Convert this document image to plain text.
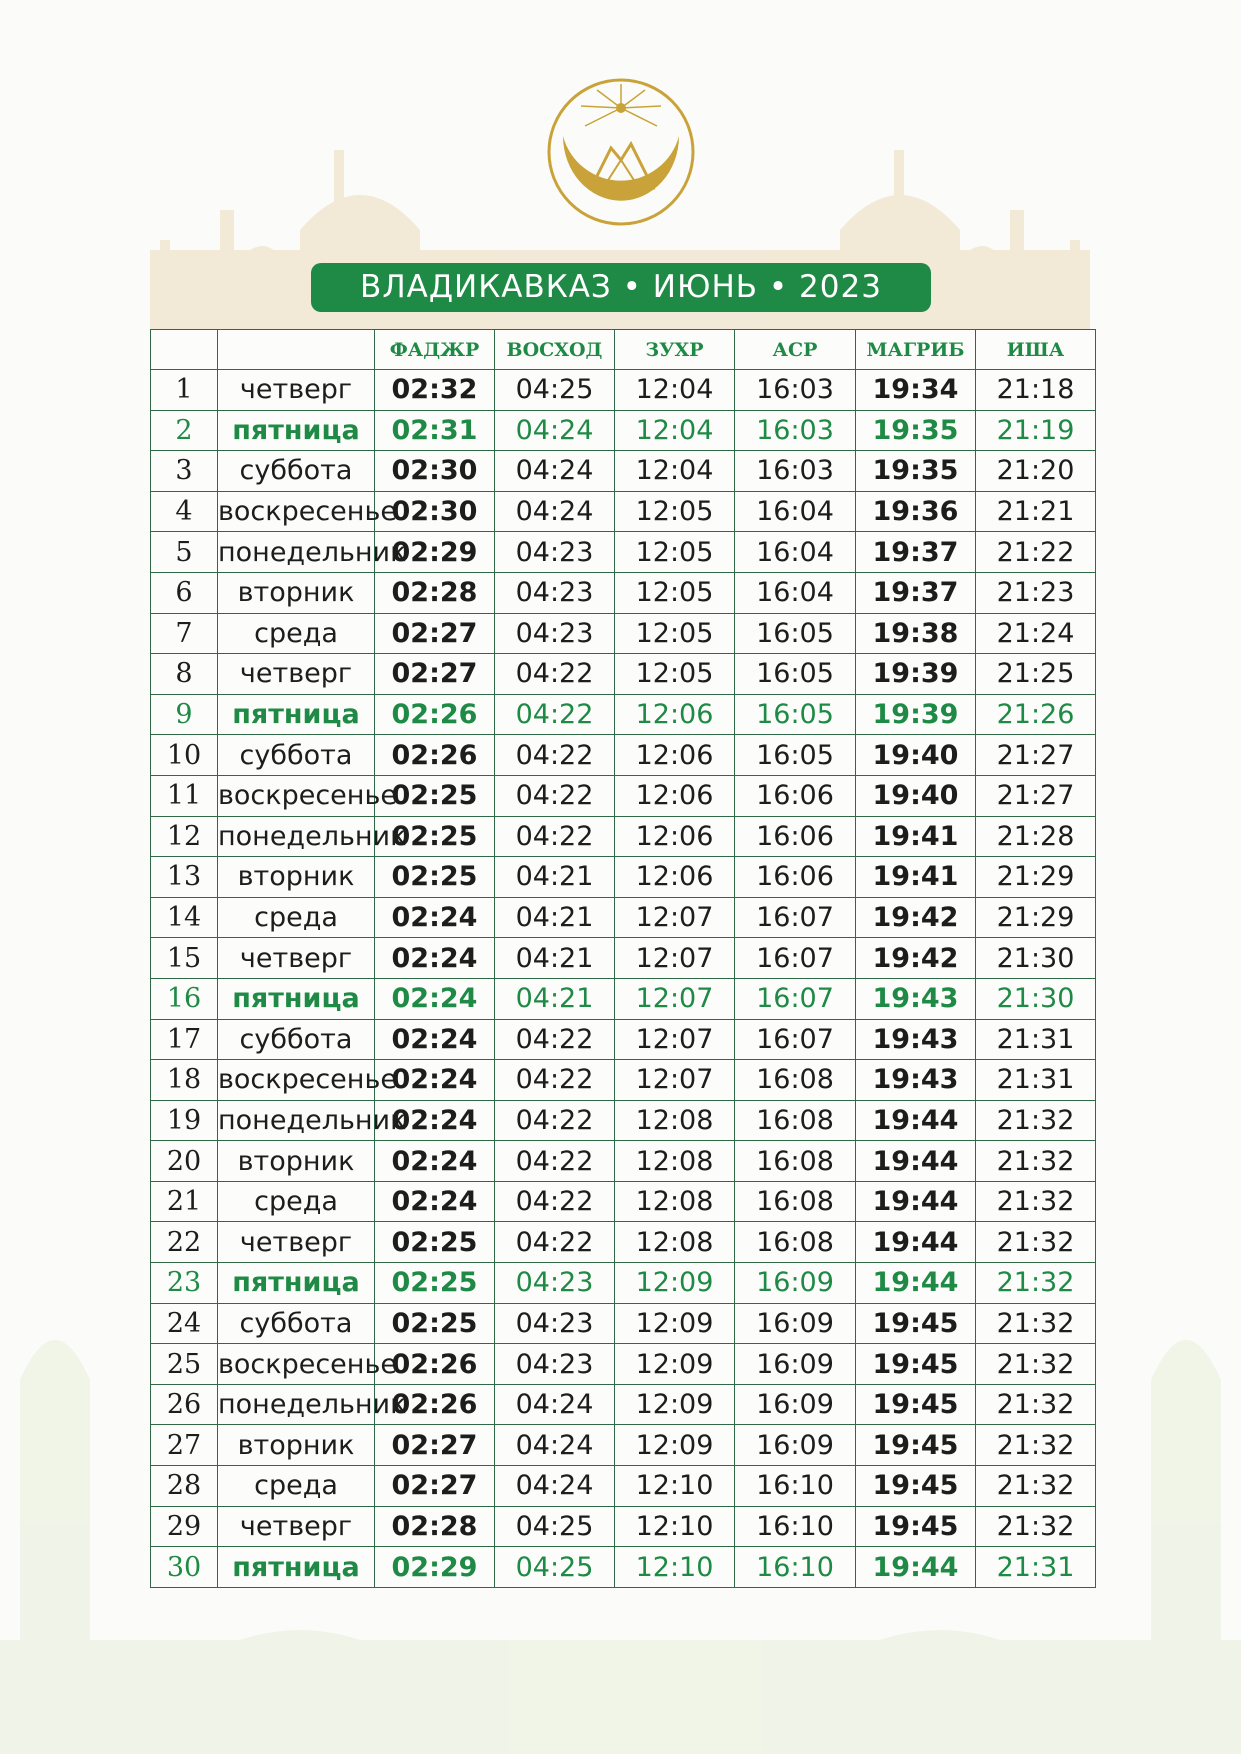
ВЛАДИКАВКАЗ • ИЮНЬ • 2023
		ФАДЖР	ВОСХОД	ЗУХР	АСР	МАГРИБ	ИША
1	четверг	02:32	04:25	12:04	16:03	19:34	21:18
2	пятница	02:31	04:24	12:04	16:03	19:35	21:19
3	суббота	02:30	04:24	12:04	16:03	19:35	21:20
4	воскресенье	02:30	04:24	12:05	16:04	19:36	21:21
5	понедельник	02:29	04:23	12:05	16:04	19:37	21:22
6	вторник	02:28	04:23	12:05	16:04	19:37	21:23
7	среда	02:27	04:23	12:05	16:05	19:38	21:24
8	четверг	02:27	04:22	12:05	16:05	19:39	21:25
9	пятница	02:26	04:22	12:06	16:05	19:39	21:26
10	суббота	02:26	04:22	12:06	16:05	19:40	21:27
11	воскресенье	02:25	04:22	12:06	16:06	19:40	21:27
12	понедельник	02:25	04:22	12:06	16:06	19:41	21:28
13	вторник	02:25	04:21	12:06	16:06	19:41	21:29
14	среда	02:24	04:21	12:07	16:07	19:42	21:29
15	четверг	02:24	04:21	12:07	16:07	19:42	21:30
16	пятница	02:24	04:21	12:07	16:07	19:43	21:30
17	суббота	02:24	04:22	12:07	16:07	19:43	21:31
18	воскресенье	02:24	04:22	12:07	16:08	19:43	21:31
19	понедельник	02:24	04:22	12:08	16:08	19:44	21:32
20	вторник	02:24	04:22	12:08	16:08	19:44	21:32
21	среда	02:24	04:22	12:08	16:08	19:44	21:32
22	четверг	02:25	04:22	12:08	16:08	19:44	21:32
23	пятница	02:25	04:23	12:09	16:09	19:44	21:32
24	суббота	02:25	04:23	12:09	16:09	19:45	21:32
25	воскресенье	02:26	04:23	12:09	16:09	19:45	21:32
26	понедельник	02:26	04:24	12:09	16:09	19:45	21:32
27	вторник	02:27	04:24	12:09	16:09	19:45	21:32
28	среда	02:27	04:24	12:10	16:10	19:45	21:32
29	четверг	02:28	04:25	12:10	16:10	19:45	21:32
30	пятница	02:29	04:25	12:10	16:10	19:44	21:31
